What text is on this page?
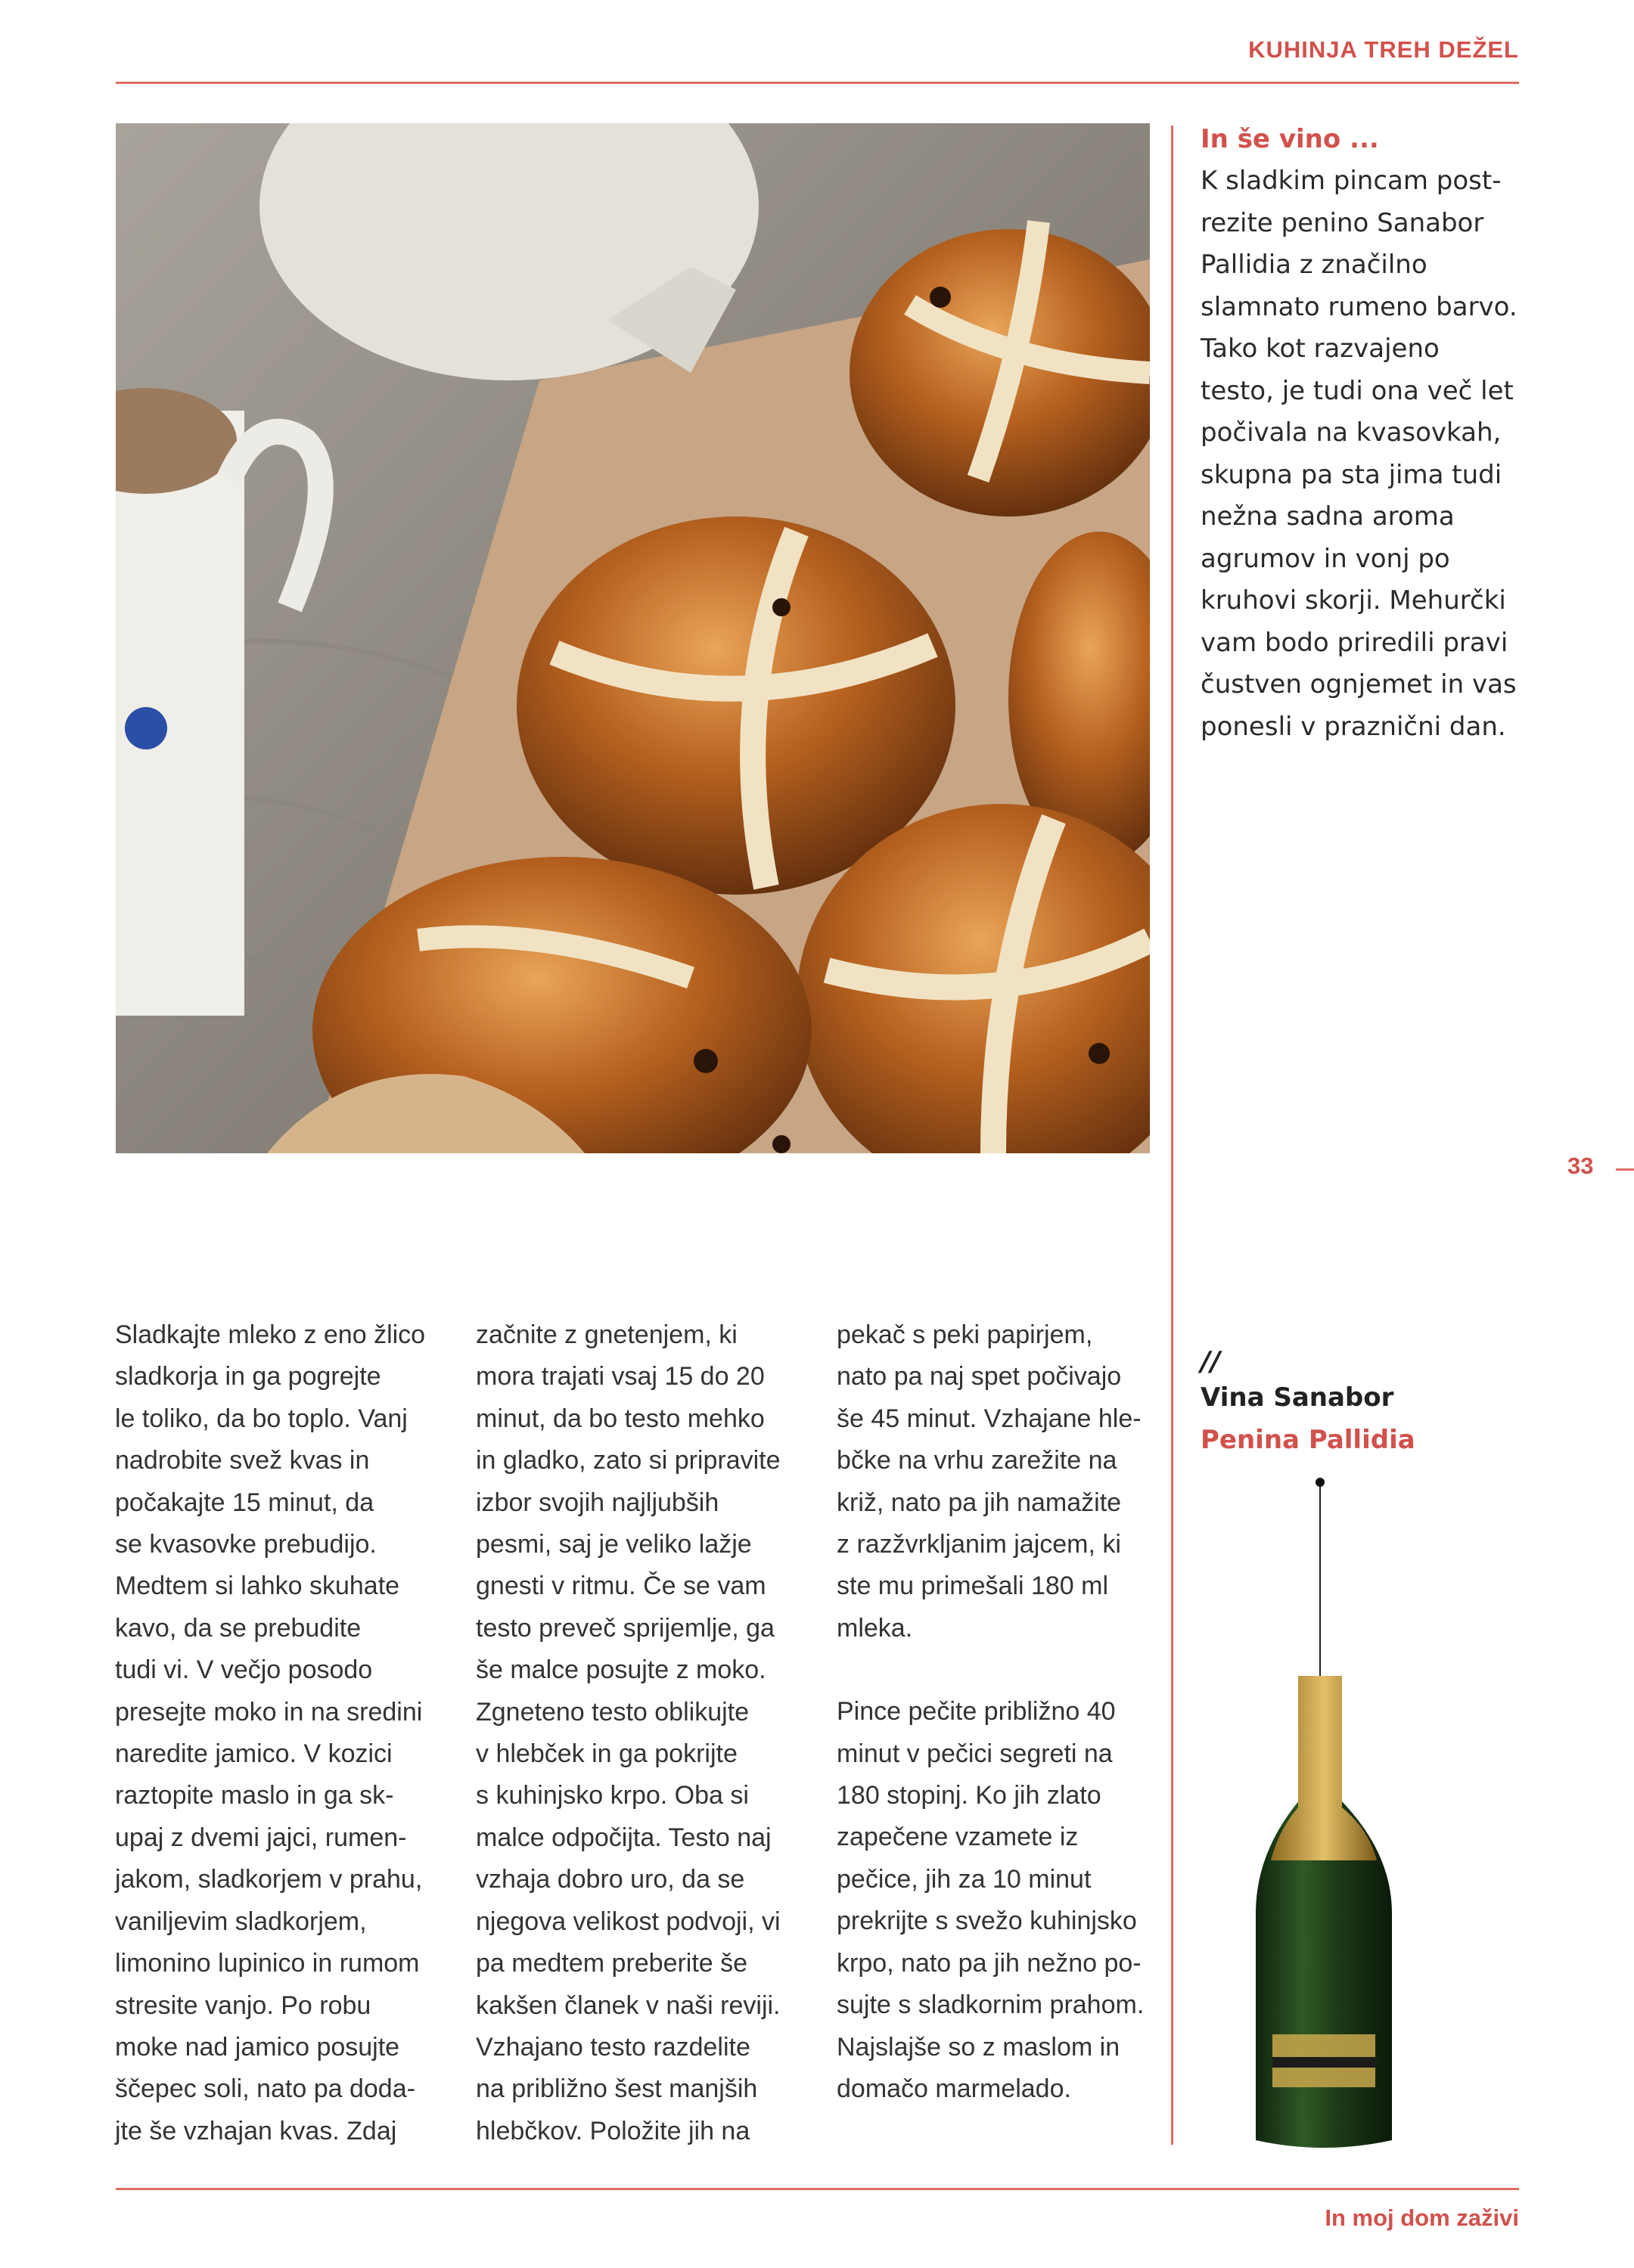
KUHINJA TREH DEŽEL

In še vino ...

K sladkim pincam post-
rezite penino Sanabor
Pallidia z značilno
slamnato rumeno barvo.
Tako kot razvajeno
testo, je tudi ona več let
počivala na kvasovkah,
skupna pa sta jima tudi
nežna sadna aroma
agrumov in vonj po
kruhovi skorji. Mehurčki
vam bodo priredili pravi
čustven ognjemet in vas
ponesli v praznični dan.

33
Sladkajte mleko z eno žlico
sladkorja in ga pogrejte
le toliko, da bo toplo. Vanj
nadrobite svež kvas in
počakajte 15 minut, da
se kvasovke prebudijo.
Medtem si lahko skuhate
kavo, da se prebudite
tudi vi. V večjo posodo
presejte moko in na sredini
naredite jamico. V kozici
raztopite maslo in ga sk-
upaj z dvemi jajci, rumen-
jakom, sladkorjem v prahu,
vaniljevim sladkorjem,
limonino lupinico in rumom
stresite vanjo. Po robu
moke nad jamico posujte
ščepec soli, nato pa doda-
jte še vzhajan kvas. Zdaj
začnite z gnetenjem, ki
mora trajati vsaj 15 do 20
minut, da bo testo mehko
in gladko, zato si pripravite
izbor svojih najljubših
pesmi, saj je veliko lažje
gnesti v ritmu. Če se vam
testo preveč sprijemlje, ga
še malce posujte z moko.
Zgneteno testo oblikujte
v hlebček in ga pokrijte
s kuhinjsko krpo. Oba si
malce odpočijta. Testo naj
vzhaja dobro uro, da se
njegova velikost podvoji, vi
pa medtem preberite še
kakšen članek v naši reviji.
Vzhajano testo razdelite
na približno šest manjših
hlebčkov. Položite jih na
pekač s peki papirjem,
nato pa naj spet počivajo
še 45 minut. Vzhajane hle-
bčke na vrhu zarežite na
križ, nato pa jih namažite
z razžvrkljanim jajcem, ki
ste mu primešali 180 ml
mleka.
Pince pečite približno 40
minut v pečici segreti na
180 stopinj. Ko jih zlato
zapečene vzamete iz
pečice, jih za 10 minut
prekrijte s svežo kuhinjsko
krpo, nato pa jih nežno po-
sujte s sladkornim prahom.
Najslajše so z maslom in
domačo marmelado.
//
Vina Sanabor
Penina Pallidia
In moj dom zaživi
